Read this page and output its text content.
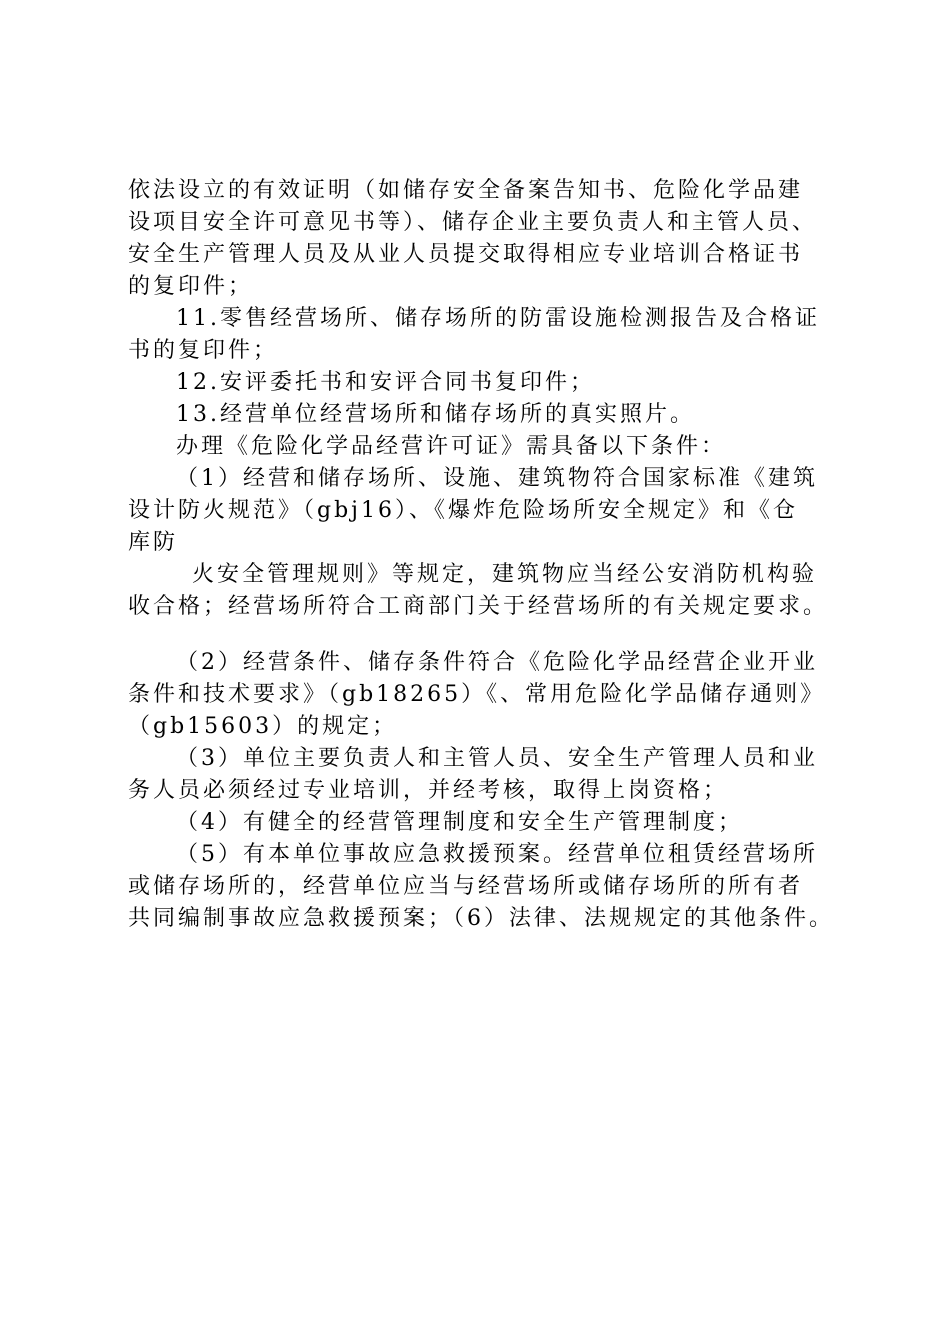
依法设立的有效证明（如储存安全备案告知书、危险化学品建
设项目安全许可意见书等）、储存企业主要负责人和主管人员、
安全生产管理人员及从业人员提交取得相应专业培训合格证书
的复印件；
11.零售经营场所、储存场所的防雷设施检测报告及合格证
书的复印件；
12.安评委托书和安评合同书复印件；
13.经营单位经营场所和储存场所的真实照片。
办理《危险化学品经营许可证》需具备以下条件：
（1）经营和储存场所、设施、建筑物符合国家标准《建筑
设计防火规范》（gbj16）、《爆炸危险场所安全规定》和《仓
库防
火安全管理规则》等规定，建筑物应当经公安消防机构验
收合格；经营场所符合工商部门关于经营场所的有关规定要求。
（2）经营条件、储存条件符合《危险化学品经营企业开业
条件和技术要求》（gb18265）《、常用危险化学品储存通则》
（gb15603）的规定；
（3）单位主要负责人和主管人员、安全生产管理人员和业
务人员必须经过专业培训，并经考核，取得上岗资格；
（4）有健全的经营管理制度和安全生产管理制度；
（5）有本单位事故应急救援预案。经营单位租赁经营场所
或储存场所的，经营单位应当与经营场所或储存场所的所有者
共同编制事故应急救援预案；（6）法律、法规规定的其他条件。
